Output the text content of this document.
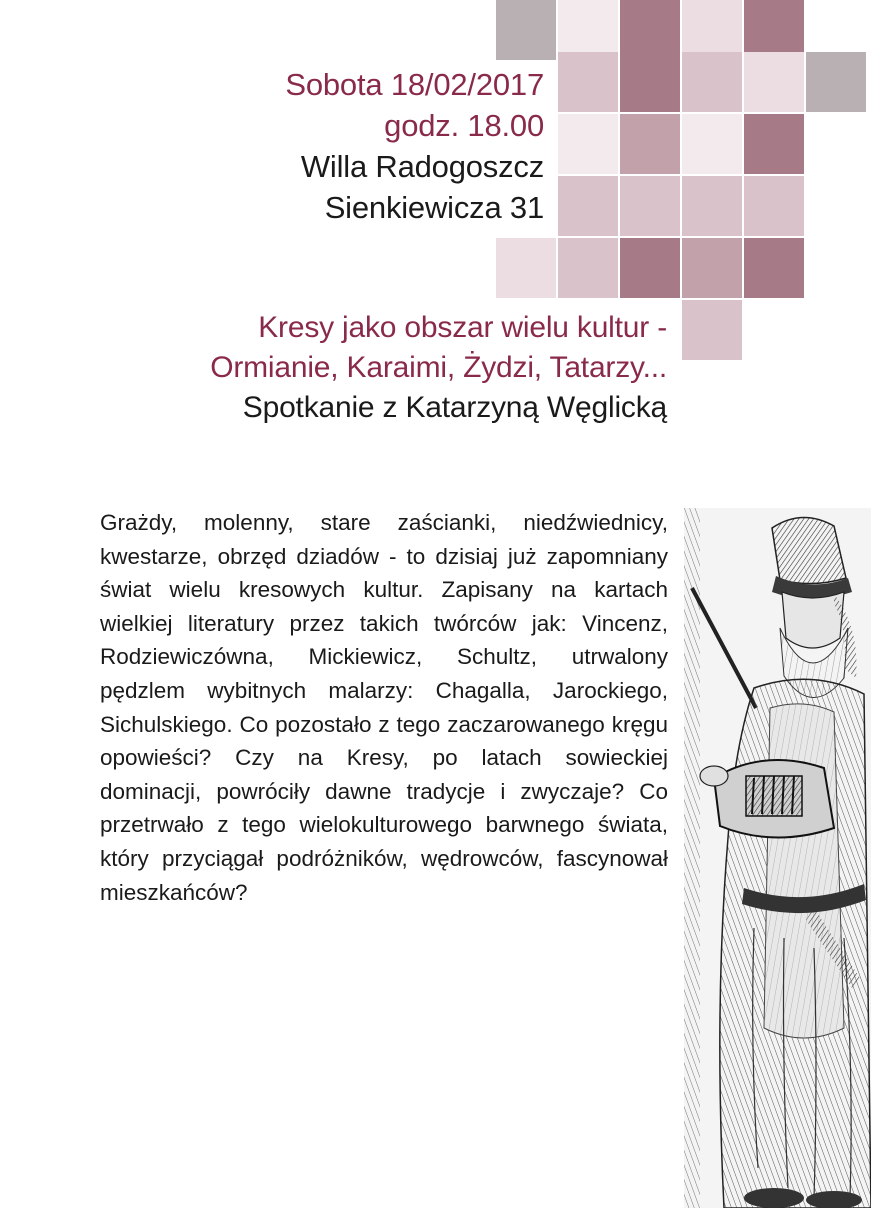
Sobota 18/02/2017
godz. 18.00
Willa Radogoszcz
Sienkiewicza 31
Kresy jako obszar wielu kultur -
Ormianie, Karaimi, Żydzi, Tatarzy...
Spotkanie z Katarzyną Węglicką
Grażdy, molenny, stare zaścianki, niedźwiednicy, kwestarze, obrzęd dziadów - to dzisiaj już zapomniany świat wielu kresowych kultur. Zapisany na kartach wielkiej literatury przez takich twórców jak: Vincenz, Rodziewiczówna, Mickiewicz, Schultz, utrwalony pędzlem wybitnych malarzy: Chagalla, Jarockiego, Sichulskiego. Co pozostało z tego zaczarowanego kręgu opowieści? Czy na Kresy, po latach sowieckiej dominacji, powróciły dawne tradycje i zwyczaje? Co przetrwało z tego wielokulturowego barwnego świata, który przyciągał podróżników, wędrowców, fascynował mieszkańców?
